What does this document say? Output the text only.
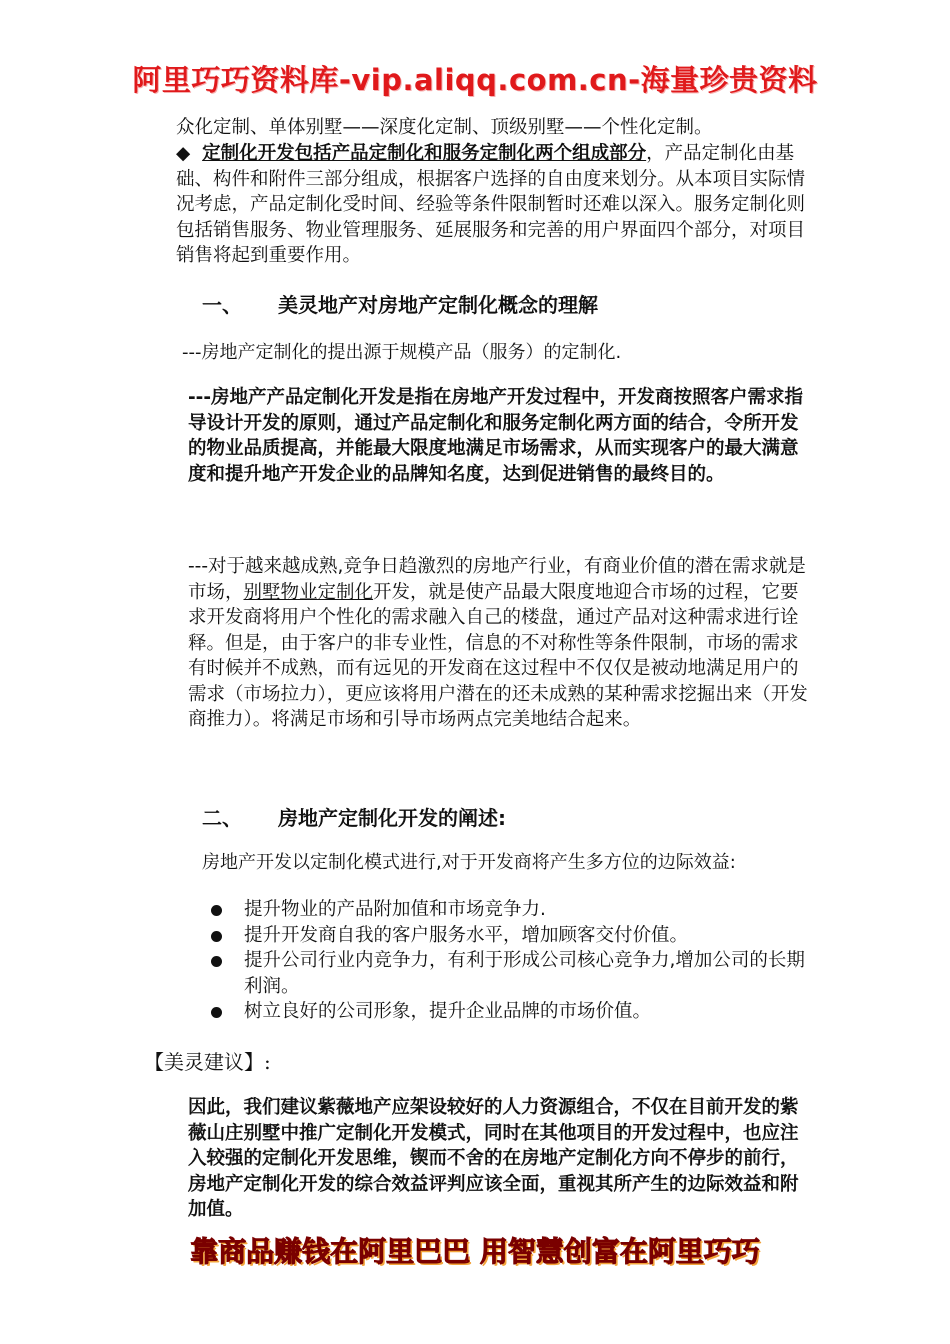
阿里巧巧资料库-vip.aliqq.com.cn-海量珍贵资料
众化定制、单体别墅——深度化定制、顶级别墅——个性化定制。
◆ 定制化开发包括产品定制化和服务定制化两个组成部分，产品定制化由基础、构件和附件三部分组成，根据客户选择的自由度来划分。从本项目实际情况考虑，产品定制化受时间、经验等条件限制暂时还难以深入。服务定制化则包括销售服务、物业管理服务、延展服务和完善的用户界面四个部分，对项目销售将起到重要作用。
一、 美灵地产对房地产定制化概念的理解
---房地产定制化的提出源于规模产品（服务）的定制化.
---房地产产品定制化开发是指在房地产开发过程中，开发商按照客户需求指导设计开发的原则，通过产品定制化和服务定制化两方面的结合，令所开发的物业品质提高，并能最大限度地满足市场需求，从而实现客户的最大满意度和提升地产开发企业的品牌知名度，达到促进销售的最终目的。
---对于越来越成熟,竞争日趋激烈的房地产行业，有商业价值的潜在需求就是市场，别墅物业定制化开发，就是使产品最大限度地迎合市场的过程，它要求开发商将用户个性化的需求融入自己的楼盘，通过产品对这种需求进行诠释。但是，由于客户的非专业性，信息的不对称性等条件限制，市场的需求有时候并不成熟，而有远见的开发商在这过程中不仅仅是被动地满足用户的需求（市场拉力），更应该将用户潜在的还未成熟的某种需求挖掘出来（开发商推力）。将满足市场和引导市场两点完美地结合起来。
二、 房地产定制化开发的阐述:
房地产开发以定制化模式进行,对于开发商将产生多方位的边际效益:
提升物业的产品附加值和市场竞争力.
提升开发商自我的客户服务水平，增加顾客交付价值。
提升公司行业内竞争力，有利于形成公司核心竞争力,增加公司的长期利润。
树立良好的公司形象，提升企业品牌的市场价值。
【美灵建议】:
因此，我们建议紫薇地产应架设较好的人力资源组合，不仅在目前开发的紫薇山庄别墅中推广定制化开发模式，同时在其他项目的开发过程中，也应注入较强的定制化开发思维，锲而不舍的在房地产定制化方向不停步的前行，房地产定制化开发的综合效益评判应该全面，重视其所产生的边际效益和附加值。
靠商品赚钱在阿里巴巴 用智慧创富在阿里巧巧
